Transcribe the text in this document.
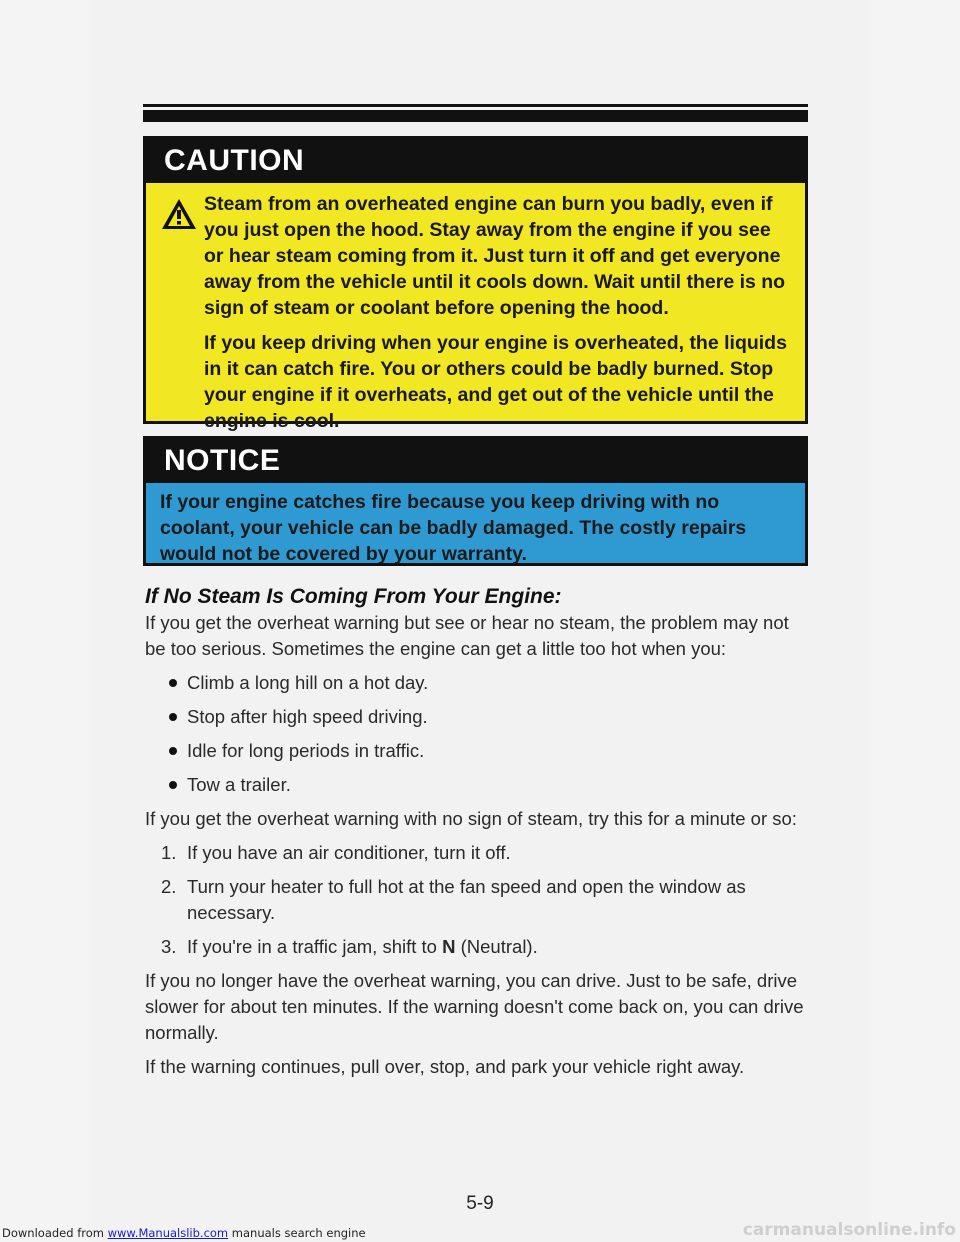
CAUTION

Steam from an overheated engine can burn you badly, even if you just open the hood. Stay away from the engine if you see or hear steam coming from it. Just turn it off and get everyone away from the vehicle until it cools down. Wait until there is no sign of steam or coolant before opening the hood.

If you keep driving when your engine is overheated, the liquids in it can catch fire. You or others could be badly burned. Stop your engine if it overheats, and get out of the vehicle until the engine is cool.

NOTICE

If your engine catches fire because you keep driving with no coolant, your vehicle can be badly damaged. The costly repairs would not be covered by your warranty.

If No Steam Is Coming From Your Engine:

If you get the overheat warning but see or hear no steam, the problem may not be too serious. Sometimes the engine can get a little too hot when you:

Climb a long hill on a hot day.
Stop after high speed driving.
Idle for long periods in traffic.
Tow a trailer.

If you get the overheat warning with no sign of steam, try this for a minute or so:

1. If you have an air conditioner, turn it off.
2. Turn your heater to full hot at the fan speed and open the window as necessary.
3. If you're in a traffic jam, shift to N (Neutral).

If you no longer have the overheat warning, you can drive. Just to be safe, drive slower for about ten minutes. If the warning doesn't come back on, you can drive normally.

If the warning continues, pull over, stop, and park your vehicle right away.

5-9
Downloaded from www.Manualslib.com manuals search engine	carmanualsonline.info
